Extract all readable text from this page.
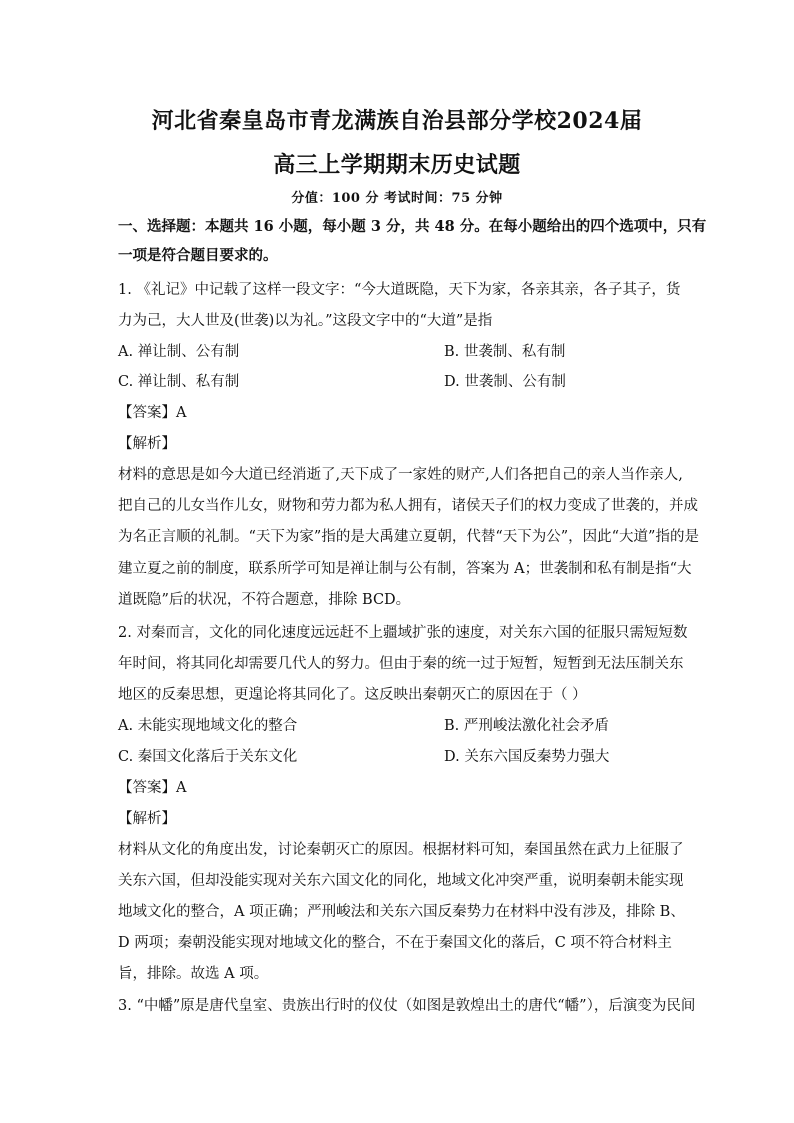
河北省秦皇岛市青龙满族自治县部分学校2024届
高三上学期期末历史试题
分值：100 分 考试时间：75 分钟
一、选择题：本题共 16 小题，每小题 3 分，共 48 分。在每小题给出的四个选项中，只有
一项是符合题目要求的。
1. 《礼记》中记载了这样一段文字：“今大道既隐，天下为家，各亲其亲，各子其子，货
力为己，大人世及(世袭)以为礼。”这段文字中的“大道”是指
A. 禅让制、公有制	B. 世袭制、私有制
C. 禅让制、私有制	D. 世袭制、公有制
【答案】A
【解析】
材料的意思是如今大道已经消逝了,天下成了一家姓的财产,人们各把自己的亲人当作亲人,
把自己的儿女当作儿女，财物和劳力都为私人拥有，诸侯天子们的权力变成了世袭的，并成
为名正言顺的礼制。“天下为家”指的是大禹建立夏朝，代替“天下为公”，因此“大道”指的是
建立夏之前的制度，联系所学可知是禅让制与公有制，答案为 A；世袭制和私有制是指“大
道既隐”后的状况，不符合题意，排除 BCD。
2. 对秦而言，文化的同化速度远远赶不上疆域扩张的速度，对关东六国的征服只需短短数
年时间，将其同化却需要几代人的努力。但由于秦的统一过于短暂，短暂到无法压制关东
地区的反秦思想，更遑论将其同化了。这反映出秦朝灭亡的原因在于（ ）
A. 未能实现地域文化的整合	B. 严刑峻法激化社会矛盾
C. 秦国文化落后于关东文化	D. 关东六国反秦势力强大
【答案】A
【解析】
材料从文化的角度出发，讨论秦朝灭亡的原因。根据材料可知，秦国虽然在武力上征服了
关东六国，但却没能实现对关东六国文化的同化，地域文化冲突严重，说明秦朝未能实现
地域文化的整合，A 项正确；严刑峻法和关东六国反秦势力在材料中没有涉及，排除 B、
D 两项；秦朝没能实现对地域文化的整合，不在于秦国文化的落后，C 项不符合材料主
旨，排除。故选 A 项。
3. “中幡”原是唐代皇室、贵族出行时的仪仗（如图是敦煌出土的唐代“幡”），后演变为民间
